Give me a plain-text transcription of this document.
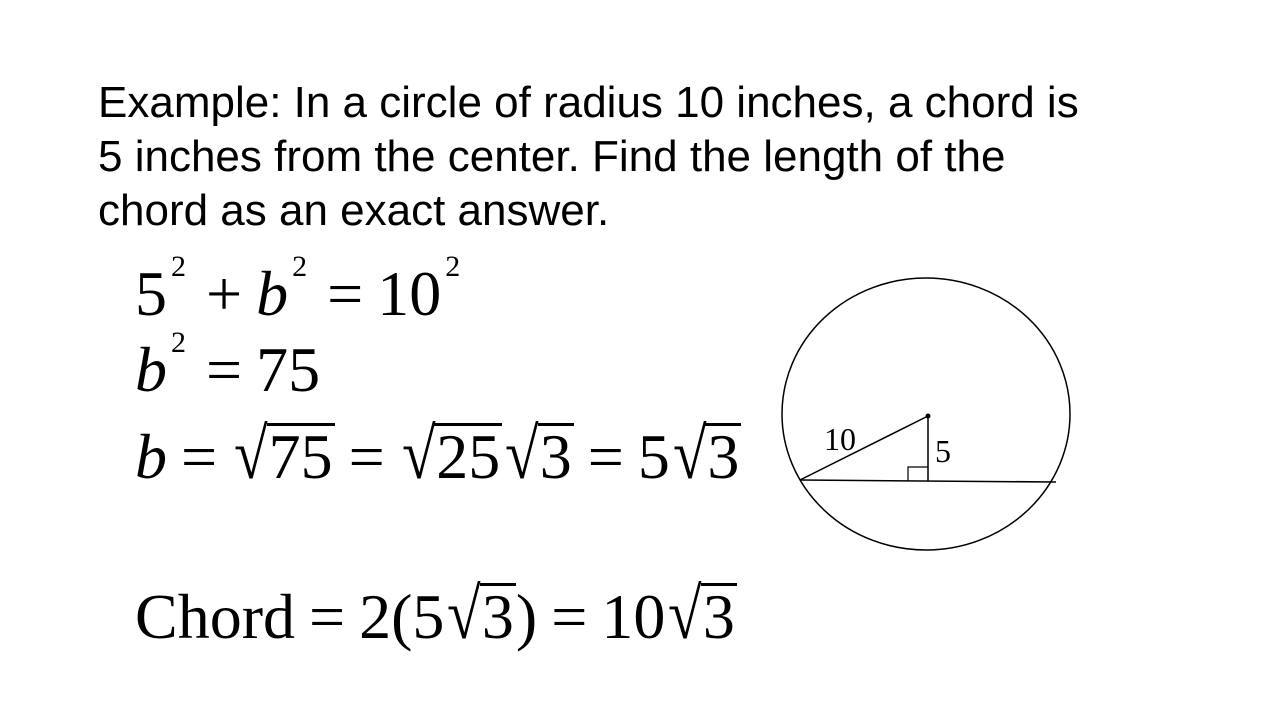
Example: In a circle of radius 10 inches, a chord is
5 inches from the center. Find the length of the
chord as an exact answer.
5 $^2$ + b $^2$ = 10 $^2$
b $^2$ = 75
b = √75 = √25√3 = 5√3
Chord = 2(5√3) = 10√3
10 5
